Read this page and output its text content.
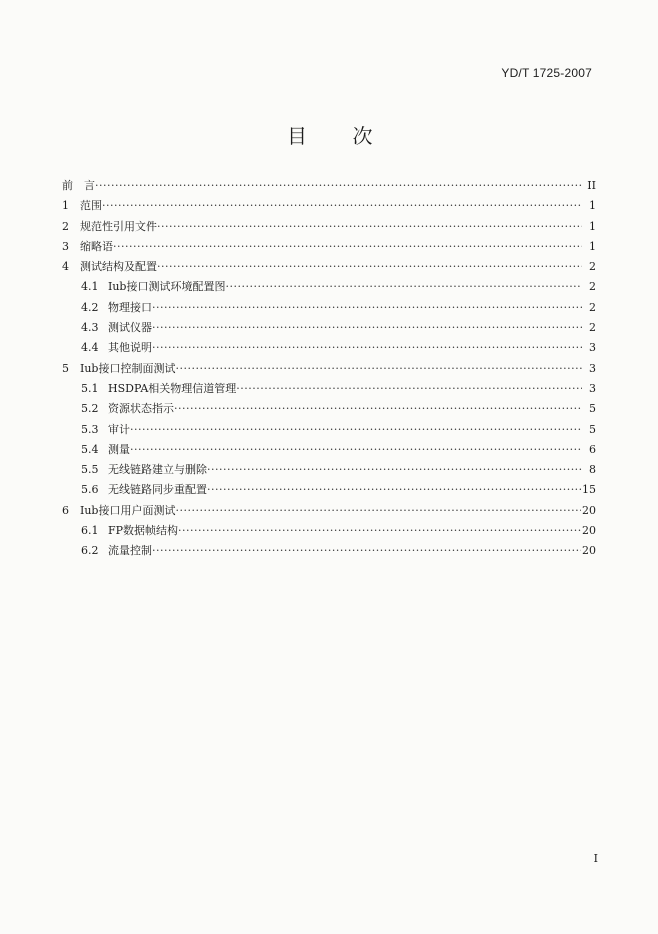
YD/T 1725-2007
目 次
前　言 ·····	II
1 范围 ·····	1
2 规范性引用文件 ·····	1
3 缩略语 ·····	1
4 测试结构及配置 ·····	2
4.1 Iub接口测试环境配置图 ·····	2
4.2 物理接口 ·····	2
4.3 测试仪器 ·····	2
4.4 其他说明 ·····	3
5 Iub接口控制面测试 ·····	3
5.1 HSDPA相关物理信道管理 ·····	3
5.2 资源状态指示 ·····	5
5.3 审计 ·····	5
5.4 测量 ·····	6
5.5 无线链路建立与删除 ·····	8
5.6 无线链路同步重配置 ·····	15
6 Iub接口用户面测试 ·····	20
6.1 FP数据帧结构 ·····	20
6.2 流量控制 ·····	20
I
